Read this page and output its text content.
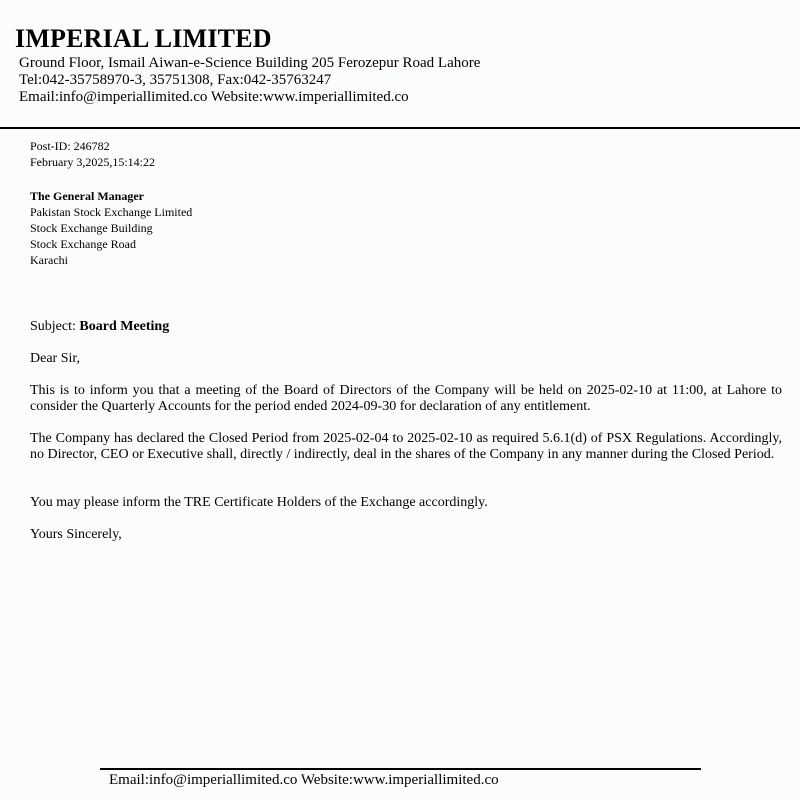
IMPERIAL LIMITED
Ground Floor, Ismail Aiwan-e-Science Building 205 Ferozepur Road Lahore
Tel:042-35758970-3, 35751308, Fax:042-35763247
Email:info@imperiallimited.co Website:www.imperiallimited.co
Post-ID: 246782
February 3,2025,15:14:22
The General Manager
Pakistan Stock Exchange Limited
Stock Exchange Building
Stock Exchange Road
Karachi
Subject: Board Meeting
Dear Sir,
This is to inform you that a meeting of the Board of Directors of the Company will be held on 2025-02-10 at 11:00, at Lahore to consider the Quarterly Accounts for the period ended 2024-09-30 for declaration of any entitlement.
The Company has declared the Closed Period from 2025-02-04 to 2025-02-10 as required 5.6.1(d) of PSX Regulations. Accordingly, no Director, CEO or Executive shall, directly / indirectly, deal in the shares of the Company in any manner during the Closed Period.
You may please inform the TRE Certificate Holders of the Exchange accordingly.
Yours Sincerely,
Email:info@imperiallimited.co Website:www.imperiallimited.co
